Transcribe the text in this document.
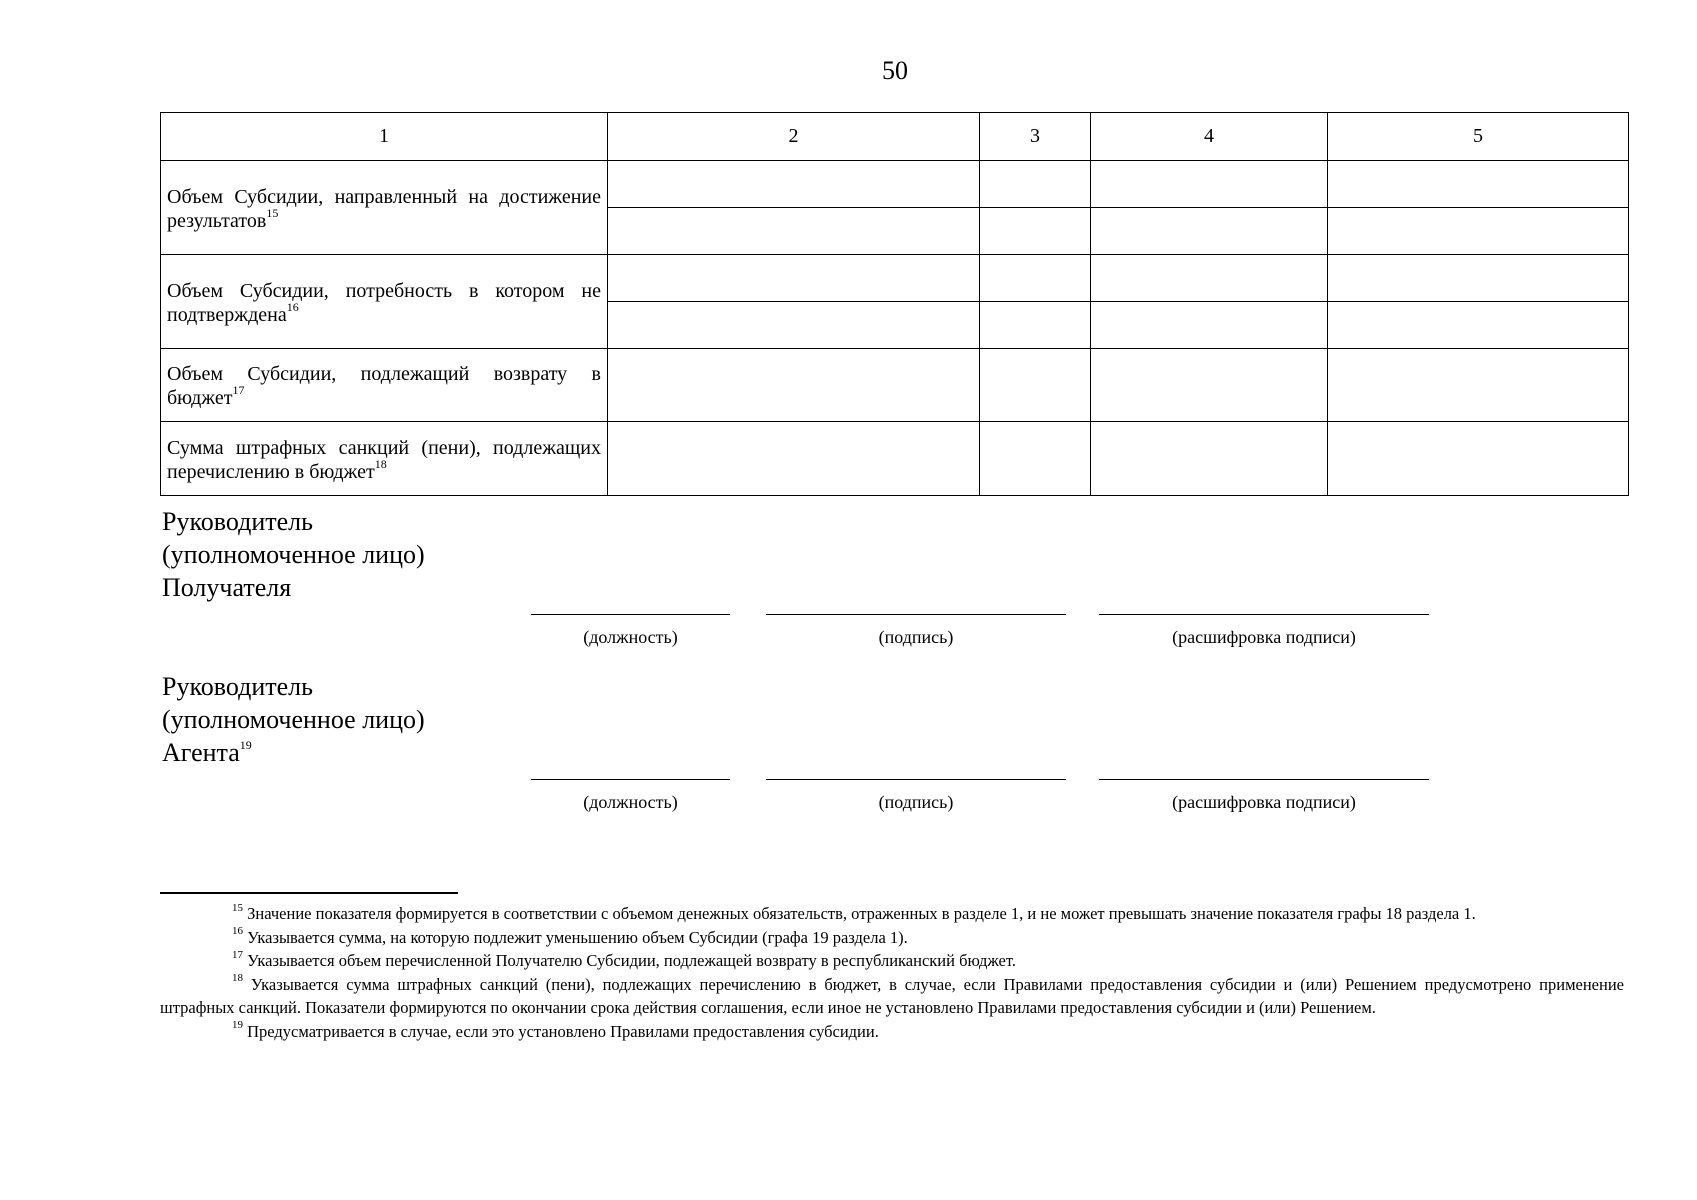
50
1	2	3	4	5
Объем Субсидии, направленный на достижение результатов$^{15}$				

Объем Субсидии, потребность в котором не подтверждена$^{16}$				

Объем Субсидии, подлежащий возврату в бюджет$^{17}$				
Сумма штрафных санкций (пени), подлежащих перечислению в бюджет$^{18}$				
Руководитель
(уполномоченное лицо)
Получателя
(должность)	(подпись)	(расшифровка подписи)
Руководитель
(уполномоченное лицо)
Агента$^{19}$
(должность)	(подпись)	(расшифровка подписи)

$^{15}$ Значение показателя формируется в соответствии с объемом денежных обязательств, отраженных в разделе 1, и не может превышать значение показателя графы 18 раздела 1.

$^{16}$ Указывается сумма, на которую подлежит уменьшению объем Субсидии (графа 19 раздела 1).

$^{17}$ Указывается объем перечисленной Получателю Субсидии, подлежащей возврату в республиканский бюджет.

$^{18}$ Указывается сумма штрафных санкций (пени), подлежащих перечислению в бюджет, в случае, если Правилами предоставления субсидии и (или) Решением предусмотрено применение штрафных санкций. Показатели формируются по окончании срока действия соглашения, если иное не установлено Правилами предоставления субсидии и (или) Решением.

$^{19}$ Предусматривается в случае, если это установлено Правилами предоставления субсидии.
